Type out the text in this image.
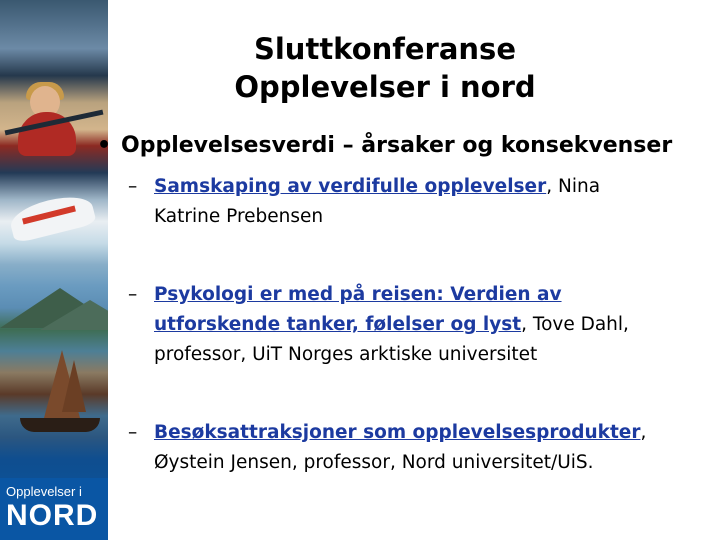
Opplevelser i
NORD
Sluttkonferanse
Opplevelser i nord
• Opplevelsesverdi – årsaker og konsekvenser
– Samskaping av verdifulle opplevelser, Nina
Katrine Prebensen
– Psykologi er med på reisen: Verdien av
utforskende tanker, følelser og lyst, Tove Dahl,
professor, UiT Norges arktiske universitet
– Besøksattraksjoner som opplevelsesprodukter,
Øystein Jensen, professor, Nord universitet/UiS.
